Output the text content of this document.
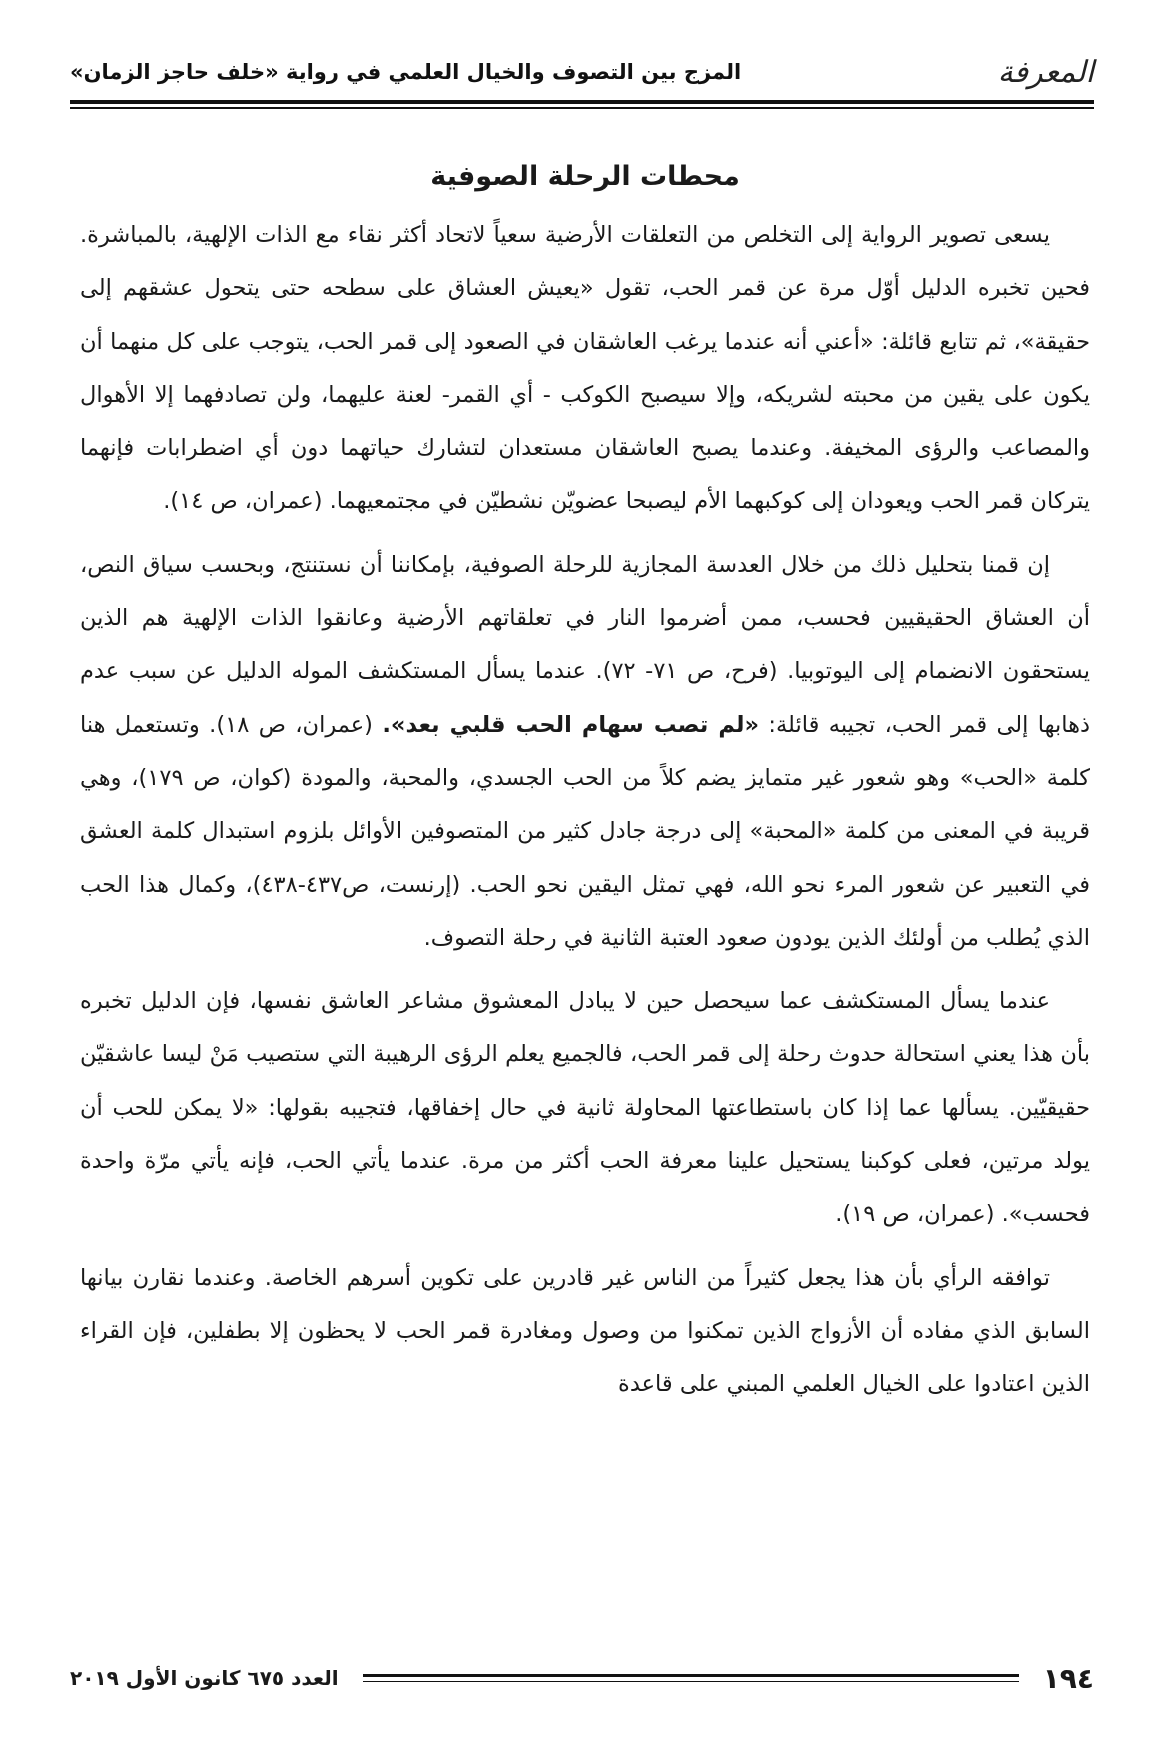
المعرفة
المزج بين التصوف والخيال العلمي في رواية «خلف حاجز الزمان»
محطات الرحلة الصوفية

يسعى تصوير الرواية إلى التخلص من التعلقات الأرضية سعياً لاتحاد أكثر نقاء مع الذات الإلهية، بالمباشرة. فحين تخبره الدليل أوّل مرة عن قمر الحب، تقول «يعيش العشاق على سطحه حتى يتحول عشقهم إلى حقيقة»، ثم تتابع قائلة: «أعني أنه عندما يرغب العاشقان في الصعود إلى قمر الحب، يتوجب على كل منهما أن يكون على يقين من محبته لشريكه، وإلا سيصبح الكوكب - أي القمر- لعنة عليهما، ولن تصادفهما إلا الأهوال والمصاعب والرؤى المخيفة. وعندما يصبح العاشقان مستعدان لتشارك حياتهما دون أي اضطرابات فإنهما يتركان قمر الحب ويعودان إلى كوكبهما الأم ليصبحا عضويّن نشطيّن في مجتمعيهما. (عمران، ص ١٤).

إن قمنا بتحليل ذلك من خلال العدسة المجازية للرحلة الصوفية، بإمكاننا أن نستنتج، وبحسب سياق النص، أن العشاق الحقيقيين فحسب، ممن أضرموا النار في تعلقاتهم الأرضية وعانقوا الذات الإلهية هم الذين يستحقون الانضمام إلى اليوتوبيا. (فرح، ص ٧١- ٧٢). عندما يسأل المستكشف الموله الدليل عن سبب عدم ذهابها إلى قمر الحب، تجيبه قائلة: «لم تصب سهام الحب قلبي بعد». (عمران، ص ١٨). وتستعمل هنا كلمة «الحب» وهو شعور غير متمايز يضم كلاً من الحب الجسدي، والمحبة، والمودة (كوان، ص ١٧٩)، وهي قريبة في المعنى من كلمة «المحبة» إلى درجة جادل كثير من المتصوفين الأوائل بلزوم استبدال كلمة العشق في التعبير عن شعور المرء نحو الله، فهي تمثل اليقين نحو الحب. (إرنست، ص٤٣٧-٤٣٨)، وكمال هذا الحب الذي يُطلب من أولئك الذين يودون صعود العتبة الثانية في رحلة التصوف.

عندما يسأل المستكشف عما سيحصل حين لا يبادل المعشوق مشاعر العاشق نفسها، فإن الدليل تخبره بأن هذا يعني استحالة حدوث رحلة إلى قمر الحب، فالجميع يعلم الرؤى الرهيبة التي ستصيب مَنْ ليسا عاشقيّن حقيقيّين. يسألها عما إذا كان باستطاعتها المحاولة ثانية في حال إخفاقها، فتجيبه بقولها: «لا يمكن للحب أن يولد مرتين، فعلى كوكبنا يستحيل علينا معرفة الحب أكثر من مرة. عندما يأتي الحب، فإنه يأتي مرّة واحدة فحسب». (عمران، ص ١٩).

توافقه الرأي بأن هذا يجعل كثيراً من الناس غير قادرين على تكوين أسرهم الخاصة. وعندما نقارن بيانها السابق الذي مفاده أن الأزواج الذين تمكنوا من وصول ومغادرة قمر الحب لا يحظون إلا بطفلين، فإن القراء الذين اعتادوا على الخيال العلمي المبني على قاعدة

١٩٤
العدد ٦٧٥ كانون الأول ٢٠١٩
